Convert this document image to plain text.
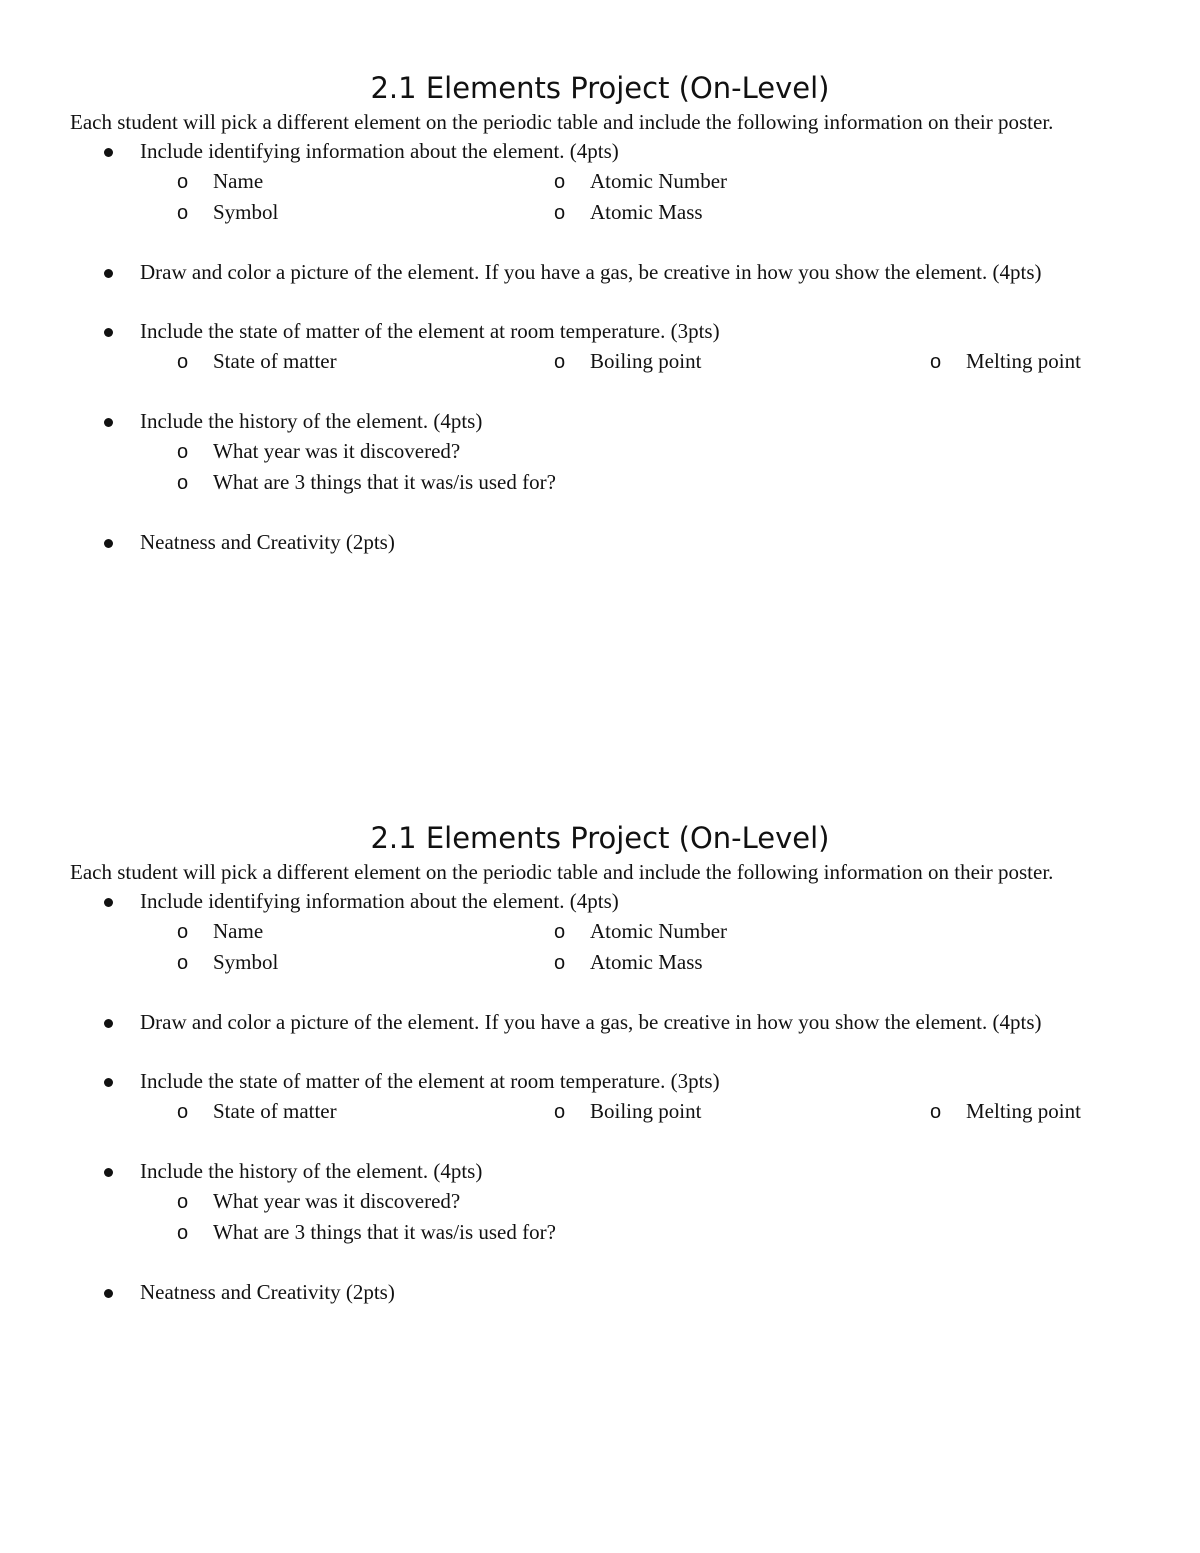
2.1 Elements Project (On-Level)

Each student will pick a different element on the periodic table and include the following information on their poster.

Include identifying information about the element. (4pts)
o	Name	o	Atomic Number
o	Symbol	o	Atomic Mass
Draw and color a picture of the element. If you have a gas, be creative in how you show the element. (4pts)
Include the state of matter of the element at room temperature. (3pts)
o	State of matter	o	Boiling point	o	Melting point
Include the history of the element. (4pts)
o	What year was it discovered?
o	What are 3 things that it was/is used for?
Neatness and Creativity (2pts)
2.1 Elements Project (On-Level)

Each student will pick a different element on the periodic table and include the following information on their poster.

Include identifying information about the element. (4pts)
o	Name	o	Atomic Number
o	Symbol	o	Atomic Mass
Draw and color a picture of the element. If you have a gas, be creative in how you show the element. (4pts)
Include the state of matter of the element at room temperature. (3pts)
o	State of matter	o	Boiling point	o	Melting point
Include the history of the element. (4pts)
o	What year was it discovered?
o	What are 3 things that it was/is used for?
Neatness and Creativity (2pts)
